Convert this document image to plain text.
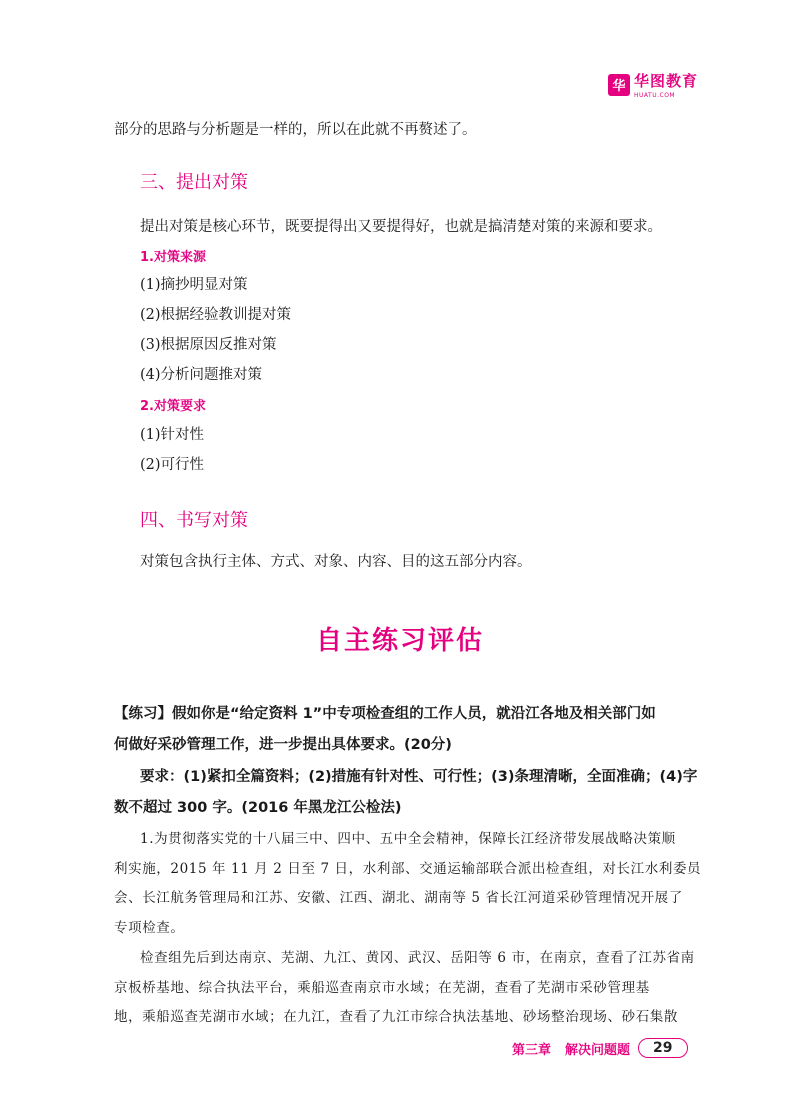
华 华图教育
HUATU.COM
部分的思路与分析题是一样的，所以在此就不再赘述了。
三、提出对策
提出对策是核心环节，既要提得出又要提得好，也就是搞清楚对策的来源和要求。
1.对策来源
(1)摘抄明显对策
(2)根据经验教训提对策
(3)根据原因反推对策
(4)分析问题推对策
2.对策要求
(1)针对性
(2)可行性
四、书写对策
对策包含执行主体、方式、对象、内容、目的这五部分内容。
自主练习评估
【练习】假如你是“给定资料 1”中专项检查组的工作人员，就沿江各地及相关部门如
何做好采砂管理工作，进一步提出具体要求。(20分)
要求：(1)紧扣全篇资料；(2)措施有针对性、可行性；(3)条理清晰，全面准确；(4)字
数不超过 300 字。(2016 年黑龙江公检法)
1.为贯彻落实党的十八届三中、四中、五中全会精神，保障长江经济带发展战略决策顺
利实施，2015 年 11 月 2 日至 7 日，水利部、交通运输部联合派出检查组，对长江水利委员
会、长江航务管理局和江苏、安徽、江西、湖北、湖南等 5 省长江河道采砂管理情况开展了
专项检查。
检查组先后到达南京、芜湖、九江、黄冈、武汉、岳阳等 6 市，在南京，查看了江苏省南
京板桥基地、综合执法平台，乘船巡查南京市水域；在芜湖，查看了芜湖市采砂管理基
地，乘船巡查芜湖市水域；在九江，查看了九江市综合执法基地、砂场整治现场、砂石集散
第三章 解决问题题	29
